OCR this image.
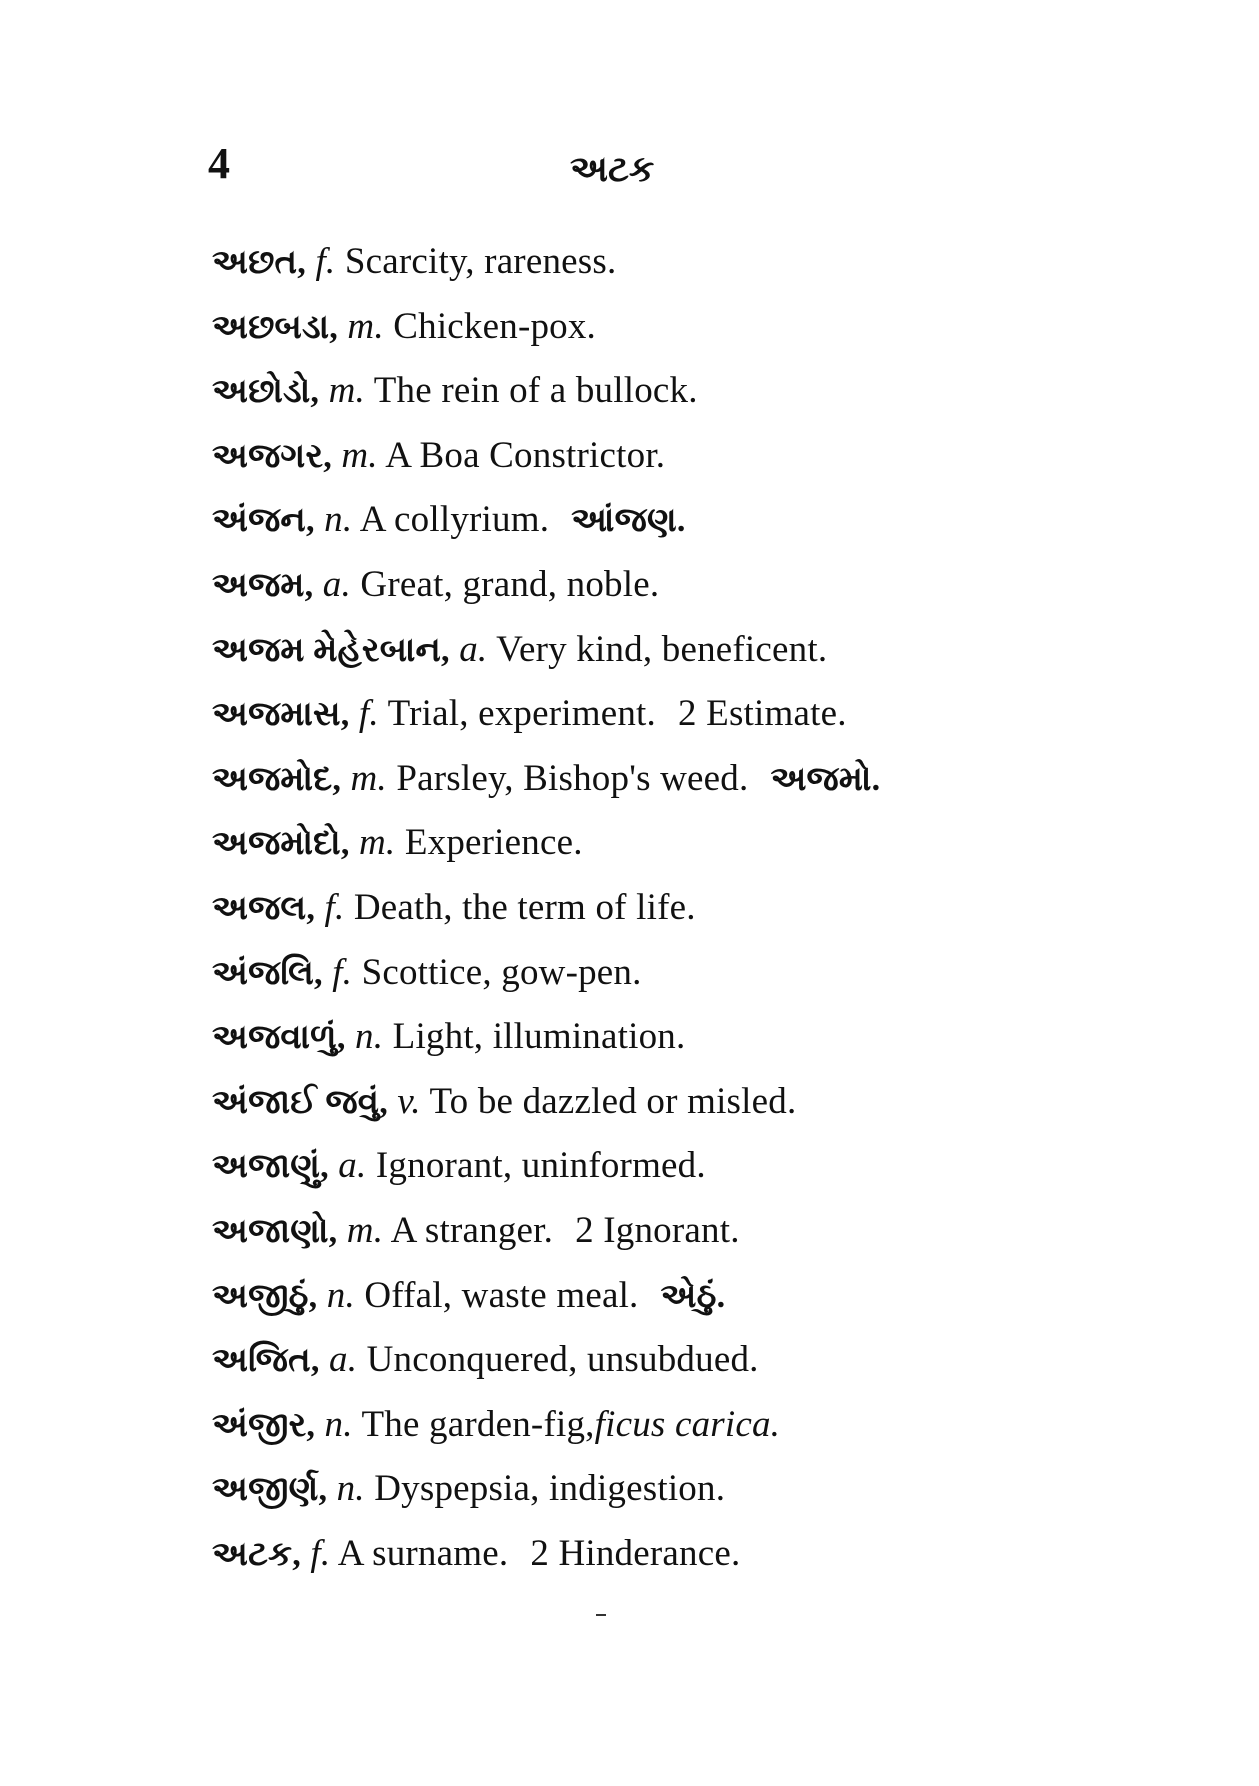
4	અટક
અછત, f. Scarcity, rareness.
અછબડા, m. Chicken-pox.
અછોડો, m. The rein of a bullock.
અજગર, m. A Boa Constrictor.
અંજન, n. A collyrium. આંજણ.
અજમ, a. Great, grand, noble.
અજમ મેહેરબાન, a. Very kind, beneficent.
અજમાસ, f. Trial, experiment. 2 Estimate.
અજમોદ, m. Parsley, Bishop's weed. અજમો.
અજમોદો, m. Experience.
અજલ, f. Death, the term of life.
અંજલિ, f. Scottice, gow-pen.
અજવાળું, n. Light, illumination.
અંજાઈ જવું, v. To be dazzled or misled.
અજાણું, a. Ignorant, uninformed.
અજાણો, m. A stranger. 2 Ignorant.
અજીઠું, n. Offal, waste meal. એઠું.
અજિત, a. Unconquered, unsubdued.
અંજીર, n. The garden-fig,ficus carica.
અજીર્ણ, n. Dyspepsia, indigestion.
અટક, f. A surname. 2 Hinderance.
